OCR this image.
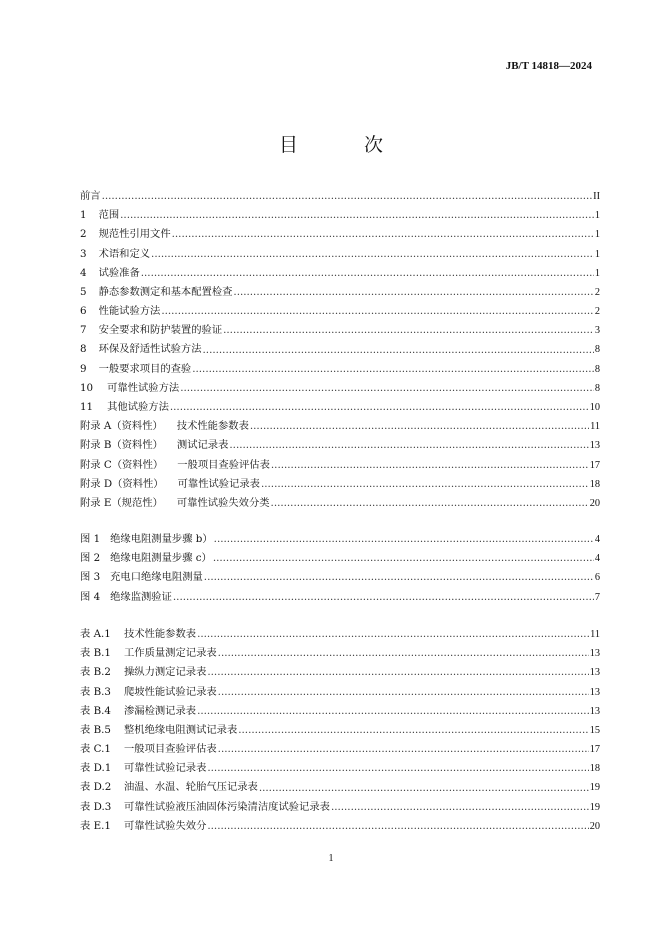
JB/T 14818—2024
目 次
前言 .....	II
1 范围 .....	1
2 规范性引用文件 .....	1
3 术语和定义 .....	1
4 试验准备 .....	1
5 静态参数测定和基本配置检查 .....	2
6 性能试验方法 .....	2
7 安全要求和防护装置的验证 .....	3
8 环保及舒适性试验方法 .....	8
9 一般要求项目的查验 .....	8
10 可靠性试验方法 .....	8
11 其他试验方法 .....	10
附录 A（资料性） 技术性能参数表 .....	11
附录 B（资料性） 测试记录表 .....	13
附录 C（资料性） 一般项目查验评估表 .....	17
附录 D（资料性） 可靠性试验记录表 .....	18
附录 E（规范性） 可靠性试验失效分类 .....	20
图 1 绝缘电阻测量步骤 b） .....	4
图 2 绝缘电阻测量步骤 c） .....	4
图 3 充电口绝缘电阻测量 .....	6
图 4 绝缘监测验证 .....	7
表 A.1	技术性能参数表 .....	11
表 B.1	工作质量测定记录表 .....	13
表 B.2	操纵力测定记录表 .....	13
表 B.3	爬坡性能试验记录表 .....	13
表 B.4	渗漏检测记录表 .....	13
表 B.5	整机绝缘电阻测试记录表 .....	15
表 C.1	一般项目查验评估表 .....	17
表 D.1	可靠性试验记录表 .....	18
表 D.2	油温、水温、轮胎气压记录表 .....	19
表 D.3	可靠性试验液压油固体污染清洁度试验记录表 .....	19
表 E.1	可靠性试验失效分 .....	20
1
